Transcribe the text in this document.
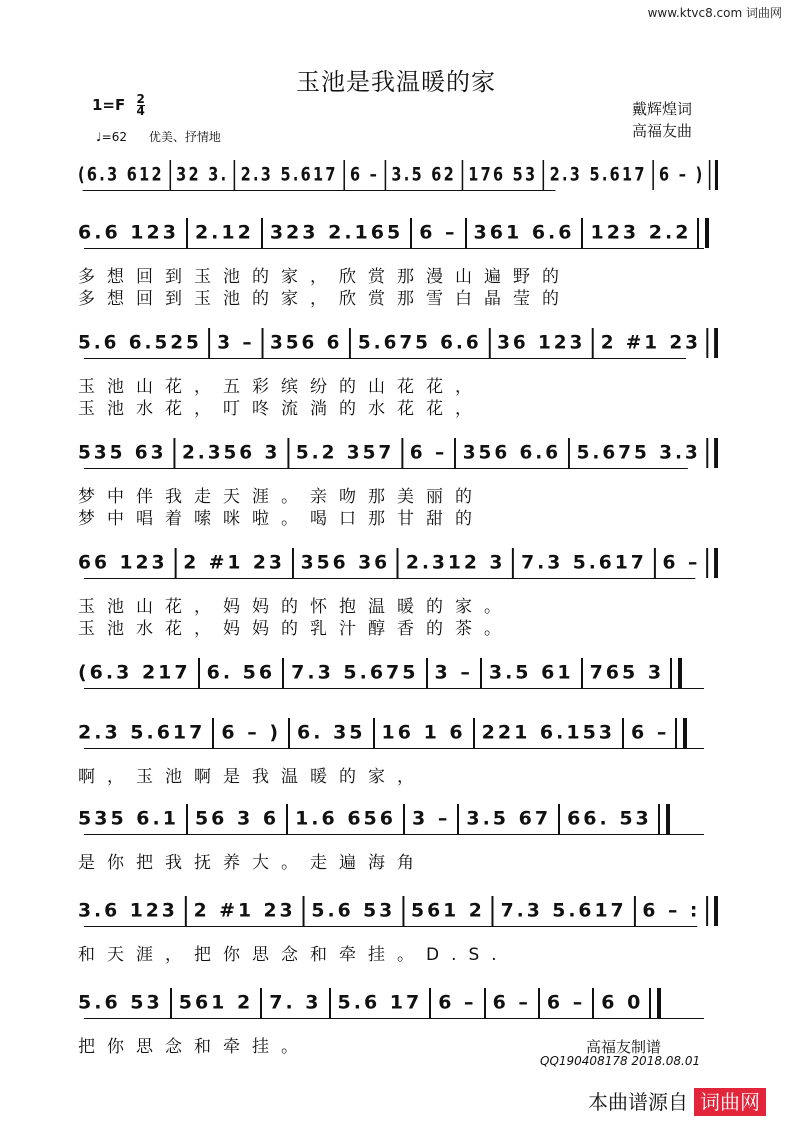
www.ktvc8.com 词曲网
玉池是我温暖的家
$1=F \frac{2}{4}$
♩=62 优美、抒情地
戴辉煌词
高福友曲
(6.3 612 32 3. 2.3 5.617 6 – 3.5 62 176 53 2.3 5.617 6 – )
6.6 123 2.12 323 2.165 6 – 361 6.6 123 2.2
多想回到玉池的家，欣赏那漫山遍野的
多想回到玉池的家，欣赏那雪白晶莹的
5.6 6.525 3 – 356 6 5.675 6.6 36 123 2 #1 23
玉池山花，五彩缤纷的山花花，
玉池水花，叮咚流淌的水花花，
535 63 2.356 3 5.2 357 6 – 356 6.6 5.675 3.3
梦中伴我走天涯。亲吻那美丽的
梦中唱着嗦咪啦。喝口那甘甜的
66 123 2 #1 23 356 36 2.312 3 7.3 5.617 6 –
玉池山花，妈妈的怀抱温暖的家。
玉池水花，妈妈的乳汁醇香的茶。
(6.3 217 6. 56 7.3 5.675 3 – 3.5 61 765 3
2.3 5.617 6 – ) 6. 35 16 1 6 221 6.153 6 –
啊，玉池啊是我温暖的家，
535 6.1 56 3 6 1.6 656 3 – 3.5 67 66. 53
是你把我抚养大。走遍海角
3.6 123 2 #1 23 5.6 53 561 2 7.3 5.617 6 – :
和天涯，把你思念和牵挂。D.S.
5.6 53 561 2 7. 3 5.6 17 6 – 6 – 6 – 6 0
把你思念和牵挂。	高福友制谱
QQ190408178 2018.08.01
本曲谱源自 词曲网
